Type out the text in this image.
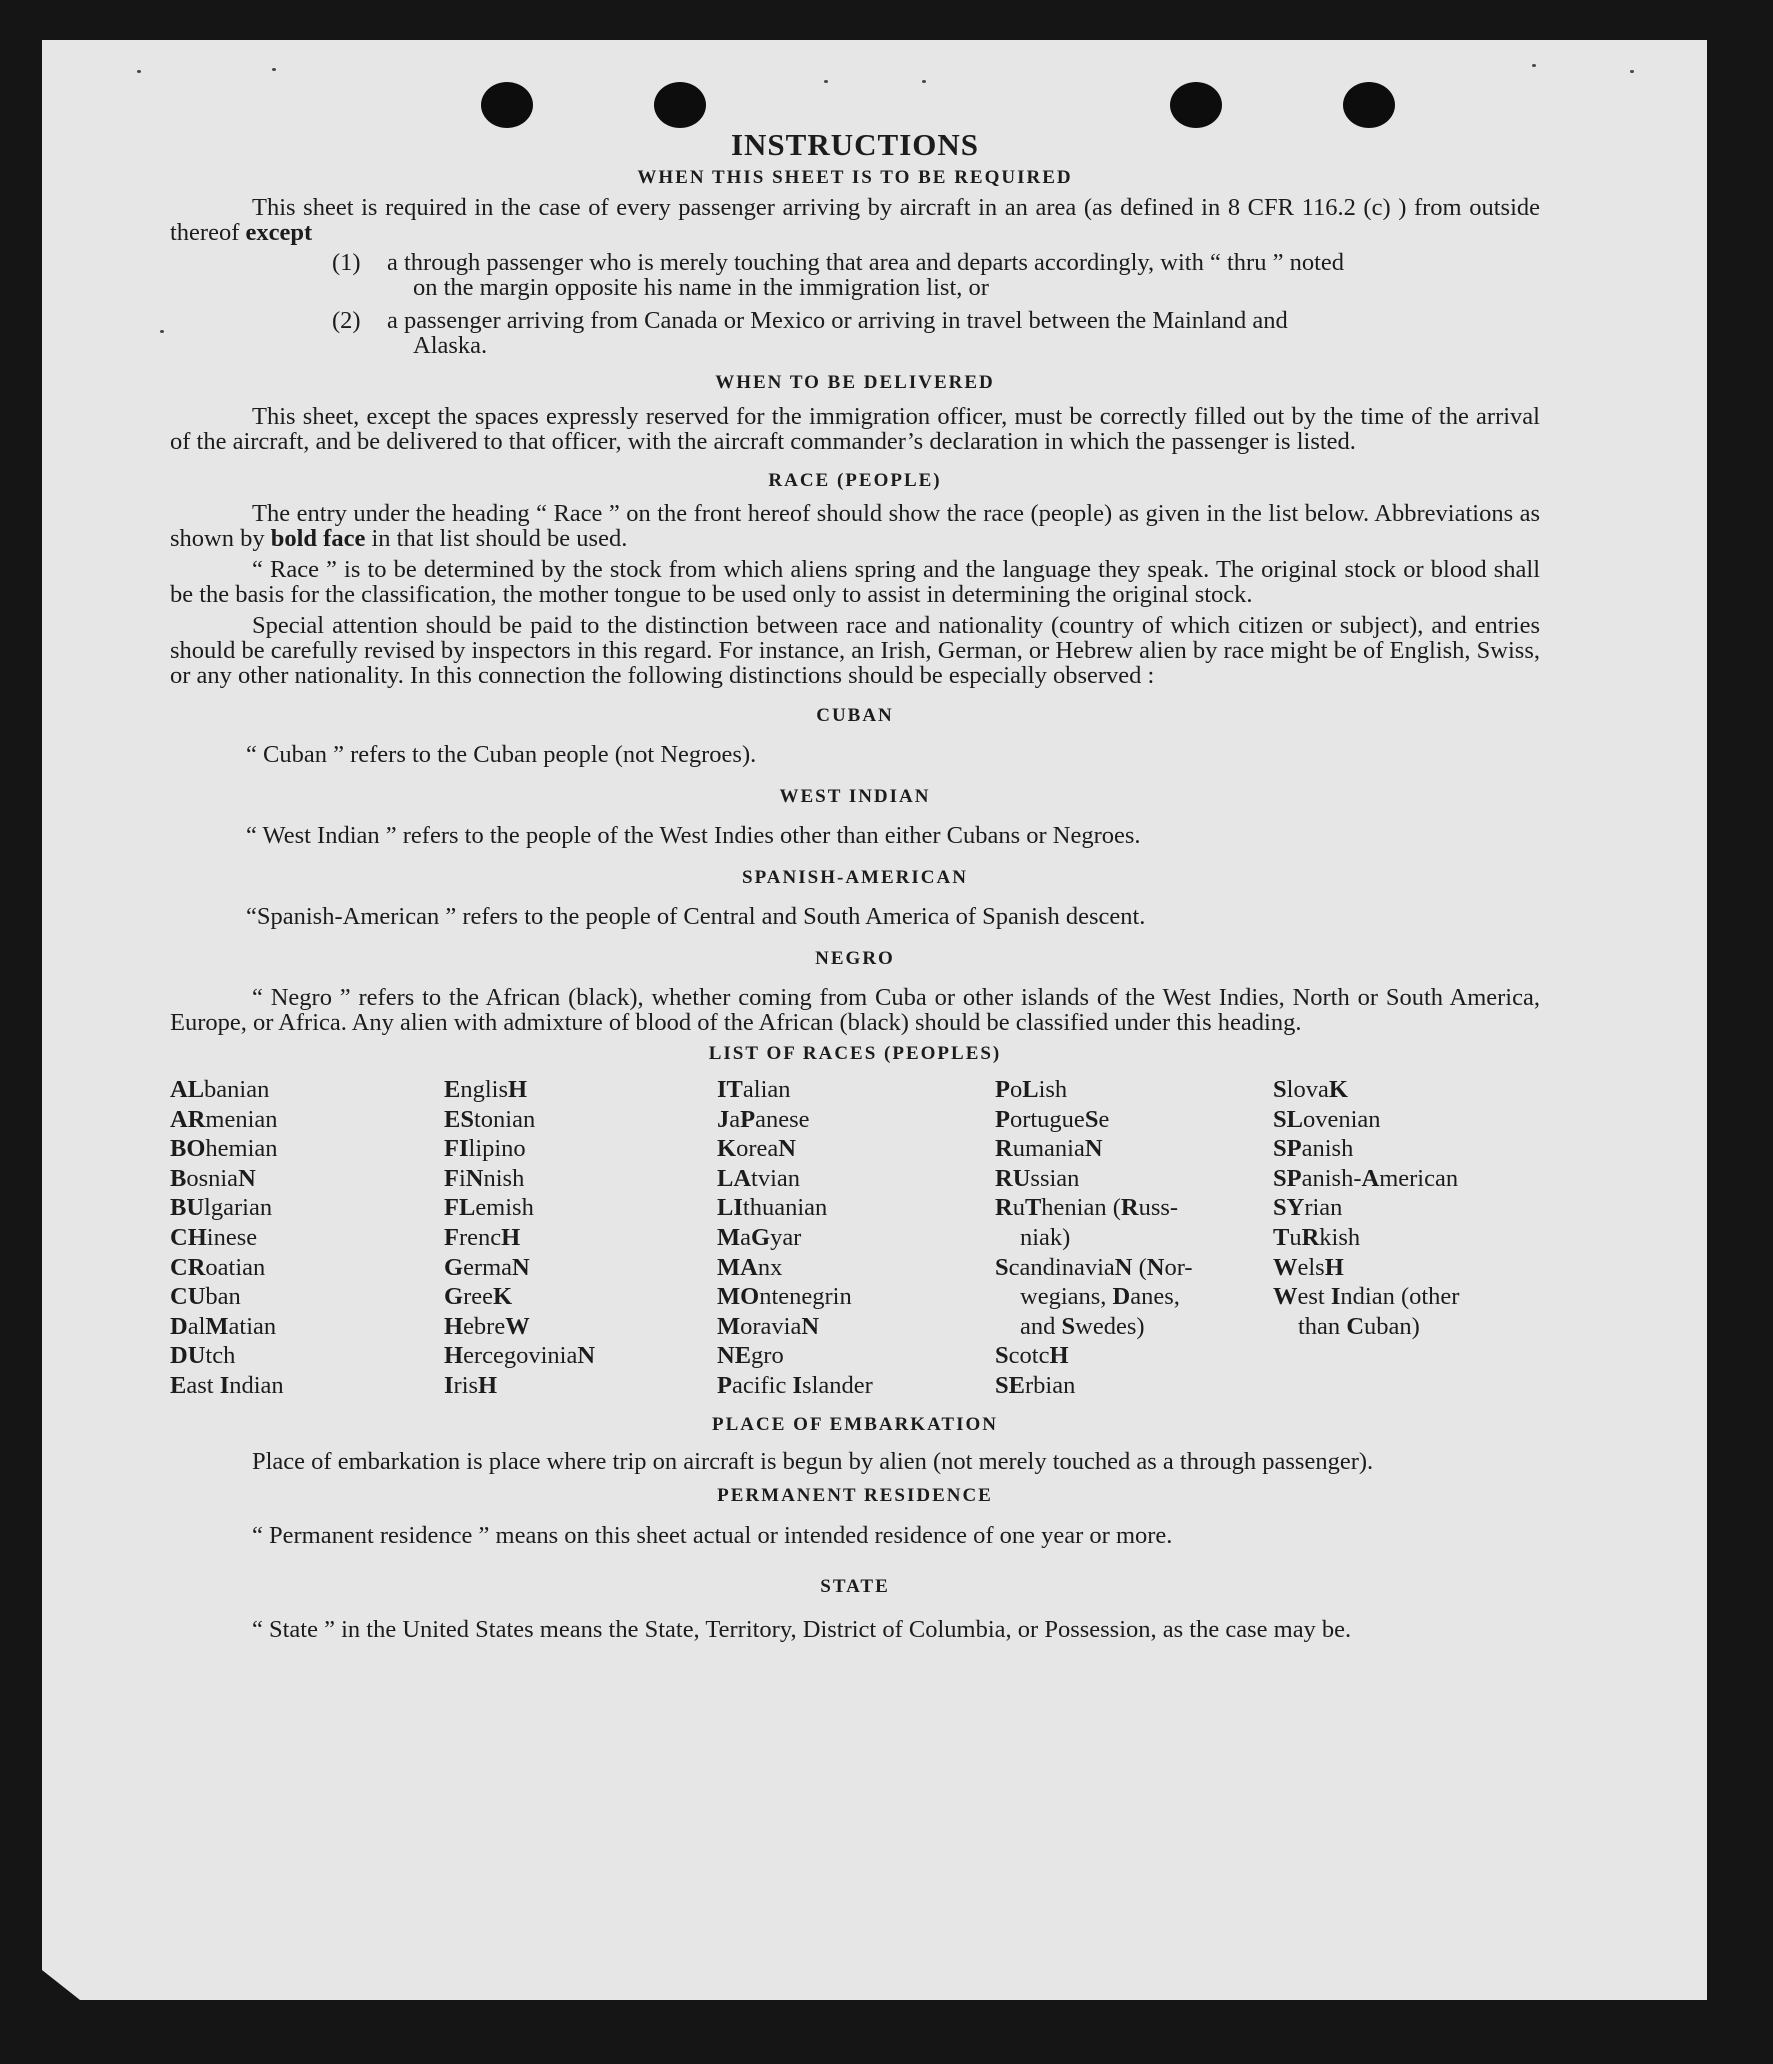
INSTRUCTIONS
WHEN THIS SHEET IS TO BE REQUIRED

This sheet is required in the case of every passenger arriving by aircraft in an area (as defined in 8 CFR 116.2 (c) ) from outside thereof except

(1)	a through passenger who is merely touching that area and departs accordingly, with “ thru ” noted
on the margin opposite his name in the immigration list, or
(2)	a passenger arriving from Canada or Mexico or arriving in travel between the Mainland and
Alaska.
WHEN TO BE DELIVERED

This sheet, except the spaces expressly reserved for the immigration officer, must be correctly filled out by the time of the arrival of the aircraft, and be delivered to that officer, with the aircraft commander’s declaration in which the passenger is listed.

RACE (PEOPLE)

The entry under the heading “ Race ” on the front hereof should show the race (people) as given in the list below. Abbreviations as shown by bold face in that list should be used.

“ Race ” is to be determined by the stock from which aliens spring and the language they speak. The original stock or blood shall be the basis for the classification, the mother tongue to be used only to assist in determining the original stock.

Special attention should be paid to the distinction between race and nationality (country of which citizen or subject), and entries should be carefully revised by inspectors in this regard. For instance, an Irish, German, or Hebrew alien by race might be of English, Swiss, or any other nationality. In this connection the following distinctions should be especially observed :

CUBAN

“ Cuban ” refers to the Cuban people (not Negroes).

WEST INDIAN

“ West Indian ” refers to the people of the West Indies other than either Cubans or Negroes.

SPANISH-AMERICAN

“Spanish-American ” refers to the people of Central and South America of Spanish descent.

NEGRO

“ Negro ” refers to the African (black), whether coming from Cuba or other islands of the West Indies, North or South America, Europe, or Africa. Any alien with admixture of blood of the African (black) should be classified under this heading.

LIST OF RACES (PEOPLES)
ALbanian
ARmenian
BOhemian
BosniaN
BUlgarian
CHinese
CRoatian
CUban
DalMatian
DUtch
East Indian
EnglisH
EStonian
FIlipino
FiNnish
FLemish
FrencH
GermaN
GreeK
HebreW
HercegoviniaN
IrisH
ITalian
JaPanese
KoreaN
LAtvian
LIthuanian
MaGyar
MAnx
MOntenegrin
MoraviaN
NEgro
Pacific Islander
PoLish
PortugueSe
RumaniaN
RUssian
RuThenian (Russ-
niak)
ScandinaviaN (Nor-
wegians, Danes,
and Swedes)
ScotcH
SErbian
SlovaK
SLovenian
SPanish
SPanish-American
SYrian
TuRkish
WelsH
West Indian (other
than Cuban)
PLACE OF EMBARKATION

Place of embarkation is place where trip on aircraft is begun by alien (not merely touched as a through passenger).

PERMANENT RESIDENCE

“ Permanent residence ” means on this sheet actual or intended residence of one year or more.

STATE

“ State ” in the United States means the State, Territory, District of Columbia, or Possession, as the case may be.
